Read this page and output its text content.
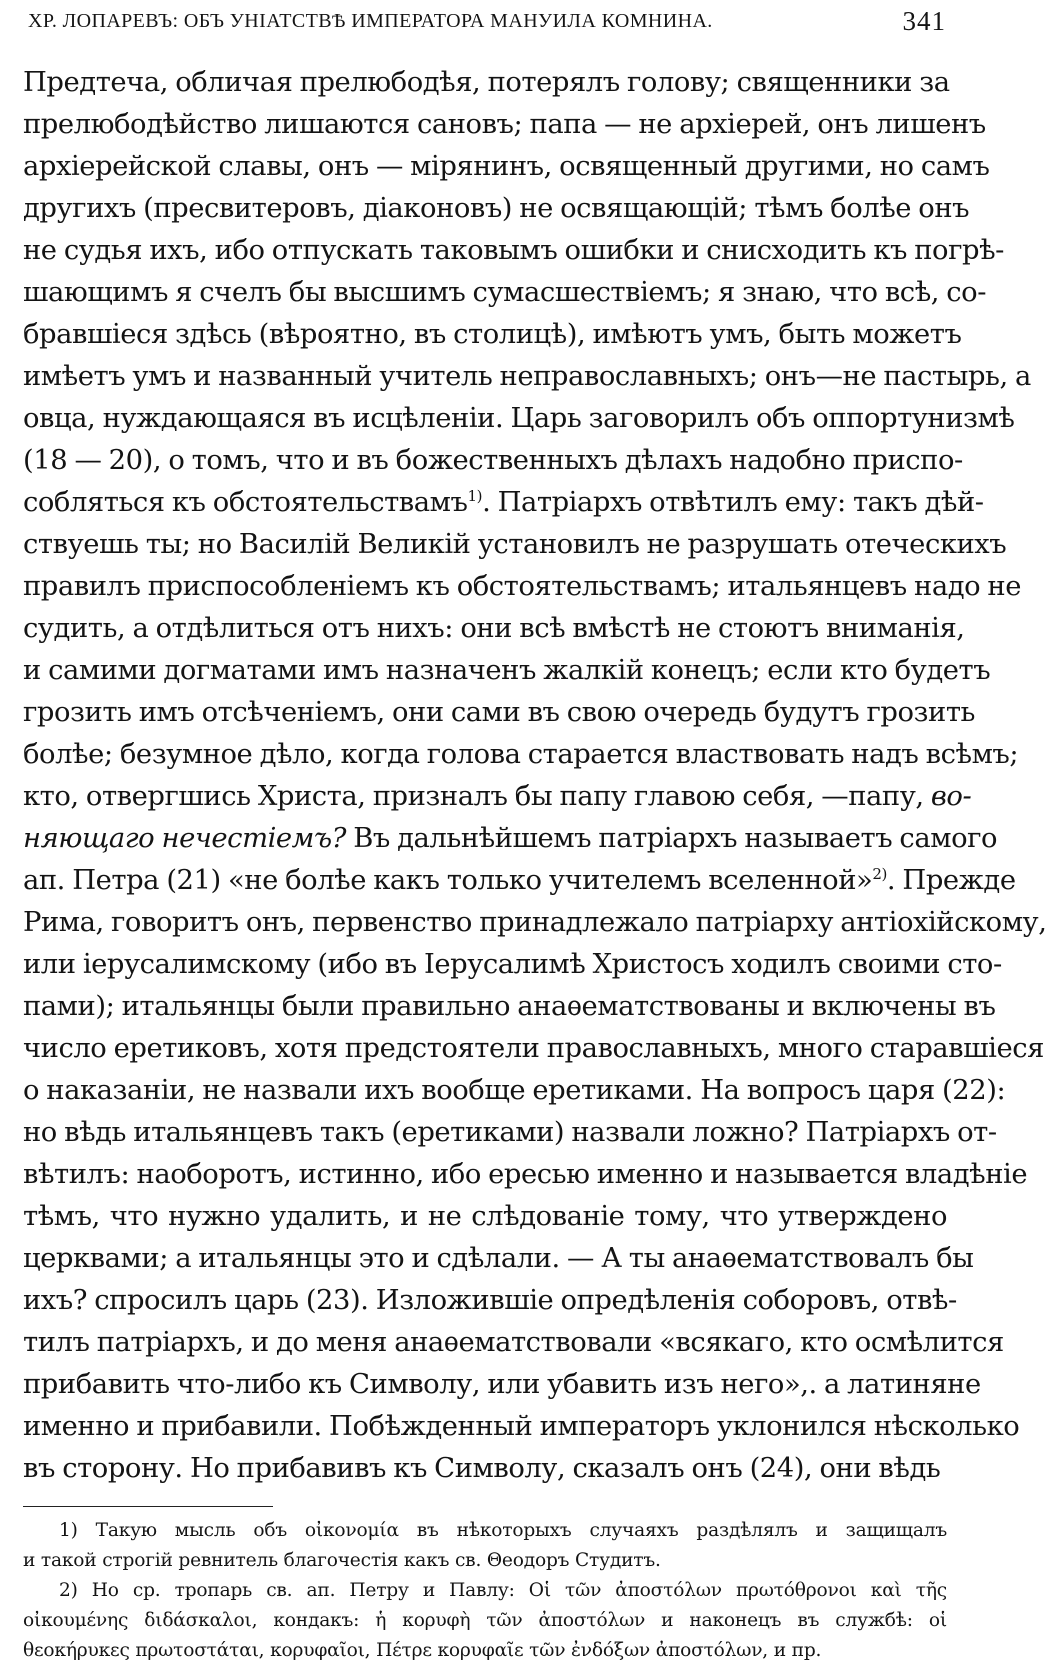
ХР. ЛОПАРЕВЪ: ОБЪ УНІАТСТВѢ ИМПЕРАТОРА МАНУИЛА КОМНИНА.	341
Предтеча, обличая прелюбодѣя, потерялъ голову; священники за
прелюбодѣйство лишаются сановъ; папа — не архіерей, онъ лишенъ
архіерейской славы, онъ — мірянинъ, освященный другими, но самъ
другихъ (пресвитеровъ, діаконовъ) не освящающій; тѣмъ болѣе онъ
не судья ихъ, ибо отпускать таковымъ ошибки и снисходить къ погрѣ-
шающимъ я счелъ бы высшимъ сумасшествіемъ; я знаю, что всѣ, со-
бравшіеся здѣсь (вѣроятно, въ столицѣ), имѣютъ умъ, быть можетъ
имѣетъ умъ и названный учитель неправославныхъ; онъ—не пастырь, а
овца, нуждающаяся въ исцѣленіи. Царь заговорилъ объ оппортунизмѣ
(18 — 20), о томъ, что и въ божественныхъ дѣлахъ надобно приспо-
собляться къ обстоятельствамъ$^{1)}$. Патріархъ отвѣтилъ ему: такъ дѣй-
ствуешь ты; но Василій Великій установилъ не разрушать отеческихъ
правилъ приспособленіемъ къ обстоятельствамъ; итальянцевъ надо не
судить, а отдѣлиться отъ нихъ: они всѣ вмѣстѣ не стоютъ вниманія,
и самими догматами имъ назначенъ жалкій конецъ; если кто будетъ
грозить имъ отсѣченіемъ, они сами въ свою очередь будутъ грозить
болѣе; безумное дѣло, когда голова старается властвовать надъ всѣмъ;
кто, отвергшись Христа, призналъ бы папу главою себя, —папу, во-
няющаго нечестіемъ? Въ дальнѣйшемъ патріархъ называетъ самого
ап. Петра (21) «не болѣе какъ только учителемъ вселенной»$^{2)}$. Прежде
Рима, говоритъ онъ, первенство принадлежало патріарху антіохійскому,
или іерусалимскому (ибо въ Іерусалимѣ Христосъ ходилъ своими сто-
пами); итальянцы были правильно анаѳематствованы и включены въ
число еретиковъ, хотя предстоятели православныхъ, много старавшіеся
о наказаніи, не назвали ихъ вообще еретиками. На вопросъ царя (22):
но вѣдь итальянцевъ такъ (еретиками) назвали ложно? Патріархъ от-
вѣтилъ: наоборотъ, истинно, ибо ересью именно и называется владѣніе
тѣмъ, что нужно удалить, и не слѣдованіе тому, что утверждено
церквами; а итальянцы это и сдѣлали. — А ты анаѳематствовалъ бы
ихъ? спросилъ царь (23). Изложившіе опредѣленія соборовъ, отвѣ-
тилъ патріархъ, и до меня анаѳематствовали «всякаго, кто осмѣлится
прибавить что-либо къ Символу, или убавить изъ него»,. а латиняне
именно и прибавили. Побѣжденный императоръ уклонился нѣсколько
въ сторону. Но прибавивъ къ Символу, сказалъ онъ (24), они вѣдь
1) Такую мысль объ οἰκονομία въ нѣкоторыхъ случаяхъ раздѣлялъ и защищалъ
и такой строгій ревнитель благочестія какъ св. Θеодоръ Студитъ.
2) Но ср. тропарь св. ап. Петру и Павлу: Οἱ τῶν ἀποστόλων πρωτόθρονοι καὶ τῆς
οἰκουμένης διδάσκαλοι, кондакъ: ἡ κορυφὴ τῶν ἀποστόλων и наконецъ въ службѣ: οἱ
θεοκήρυκες πρωτοστάται, κορυφαῖοι, Πέτρε κορυφαῖε τῶν ἐνδόξων ἀποστόλων, и пр.
